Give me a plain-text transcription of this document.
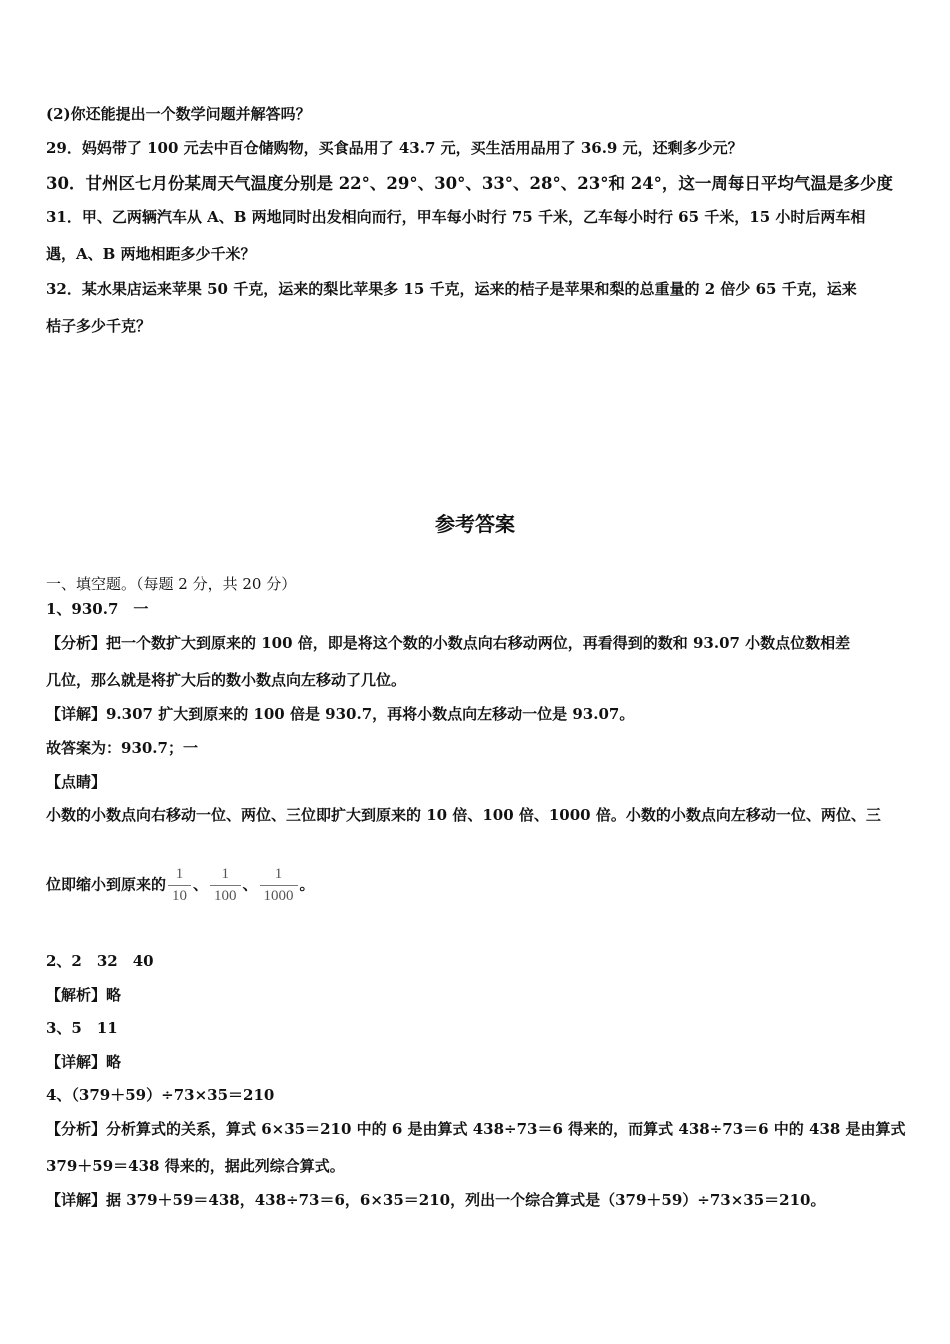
(2)你还能提出一个数学问题并解答吗？
29．妈妈带了 100 元去中百仓储购物，买食品用了 43.7 元，买生活用品用了 36.9 元，还剩多少元？
30．甘州区七月份某周天气温度分别是 22°、29°、30°、33°、28°、23°和 24°，这一周每日平均气温是多少度
31．甲、乙两辆汽车从 A、B 两地同时出发相向而行，甲车每小时行 75 千米，乙车每小时行 65 千米，15 小时后两车相
遇，A、B 两地相距多少千米？
32．某水果店运来苹果 50 千克，运来的梨比苹果多 15 千克，运来的桔子是苹果和梨的总重量的 2 倍少 65 千克，运来
桔子多少千克？
参考答案
一、填空题。（每题 2 分，共 20 分）
1、930.7　一
【分析】把一个数扩大到原来的 100 倍，即是将这个数的小数点向右移动两位，再看得到的数和 93.07 小数点位数相差
几位，那么就是将扩大后的数小数点向左移动了几位。
【详解】9.307 扩大到原来的 100 倍是 930.7，再将小数点向左移动一位是 93.07。
故答案为：930.7；一
【点睛】
小数的小数点向右移动一位、两位、三位即扩大到原来的 10 倍、100 倍、1000 倍。小数的小数点向左移动一位、两位、三
位即缩小到原来的 $\frac{1}{10}$ 、 $\frac{1}{100}$ 、 $\frac{1}{1000}$ 。
2、2　32　40
【解析】略
3、5　11
【详解】略
4、（379＋59）÷73×35＝210
【分析】分析算式的关系，算式 6×35＝210 中的 6 是由算式 438÷73＝6 得来的，而算式 438÷73＝6 中的 438 是由算式
379＋59＝438 得来的，据此列综合算式。
【详解】据 379＋59＝438，438÷73＝6，6×35＝210，列出一个综合算式是（379＋59）÷73×35＝210。
